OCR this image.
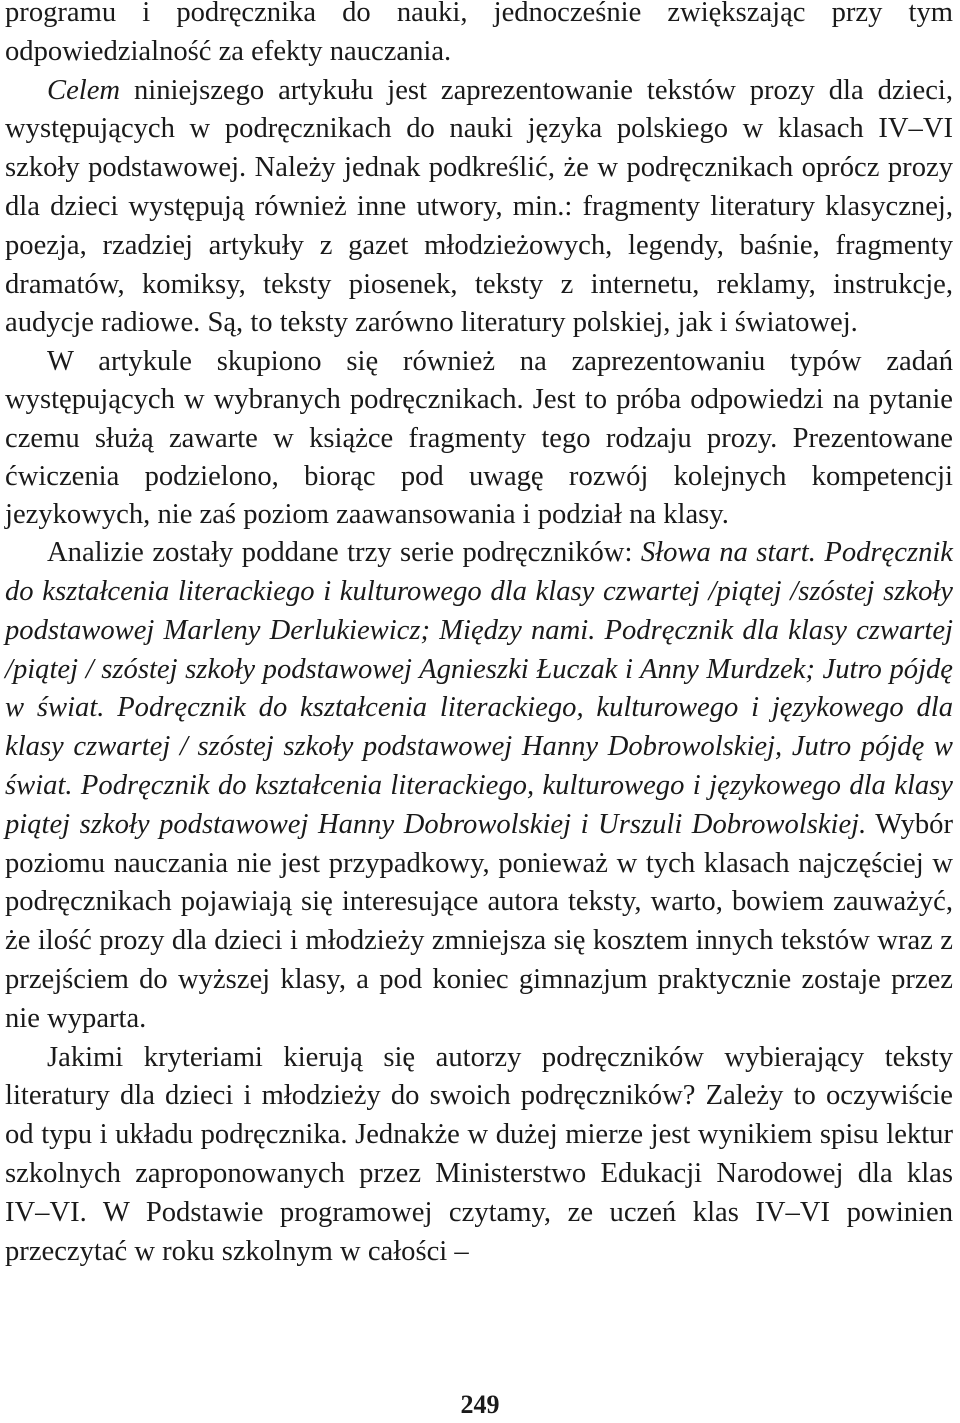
programu i podręcznika do nauki, jednocześnie zwiększając przy tym odpowiedzialność za efekty nauczania.

Celem niniejszego artykułu jest zaprezentowanie tekstów prozy dla dzieci, występujących w podręcznikach do nauki języka polskiego w klasach IV–VI szkoły podstawowej. Należy jednak podkreślić, że w podręcznikach oprócz prozy dla dzieci występują również inne utwory, min.: fragmenty literatury klasycznej, poezja, rzadziej artykuły z gazet młodzieżowych, legendy, baśnie, fragmenty dramatów, komiksy, teksty piosenek, teksty z internetu, reklamy, instrukcje, audycje radiowe. Są, to teksty zarówno literatury polskiej, jak i światowej.

W artykule skupiono się również na zaprezentowaniu typów zadań występujących w wybranych podręcznikach. Jest to próba odpowiedzi na pytanie czemu służą zawarte w książce fragmenty tego rodzaju prozy. Prezentowane ćwiczenia podzielono, biorąc pod uwagę rozwój kolejnych kompetencji jezykowych, nie zaś poziom zaawansowania i podział na klasy.

Analizie zostały poddane trzy serie podręczników: Słowa na start. Podręcznik do kształcenia literackiego i kulturowego dla klasy czwartej /piątej /szóstej szkoły podstawowej Marleny Derlukiewicz; Między nami. Podręcznik dla klasy czwartej /piątej / szóstej szkoły podstawowej Agnieszki Łuczak i Anny Murdzek; Jutro pójdę w świat. Podręcznik do kształcenia literackiego, kulturowego i językowego dla klasy czwartej / szóstej szkoły podstawowej Hanny Dobrowolskiej, Jutro pójdę w świat. Podręcznik do kształcenia literackiego, kulturowego i językowego dla klasy piątej szkoły podstawowej Hanny Dobrowolskiej i Urszuli Dobrowolskiej. Wybór poziomu nauczania nie jest przypadkowy, ponieważ w tych klasach najczęściej w podręcznikach pojawiają się interesujące autora teksty, warto, bowiem zauważyć, że ilość prozy dla dzieci i młodzieży zmniejsza się kosztem innych tekstów wraz z przejściem do wyższej klasy, a pod koniec gimnazjum praktycznie zostaje przez nie wyparta.

Jakimi kryteriami kierują się autorzy podręczników wybierający teksty literatury dla dzieci i młodzieży do swoich podręczników? Zależy to oczywiście od typu i układu podręcznika. Jednakże w dużej mierze jest wynikiem spisu lektur szkolnych zaproponowanych przez Ministerstwo Edukacji Narodowej dla klas IV–VI. W Podstawie programowej czytamy, ze uczeń klas IV–VI powinien przeczytać w roku szkolnym w całości –

249
